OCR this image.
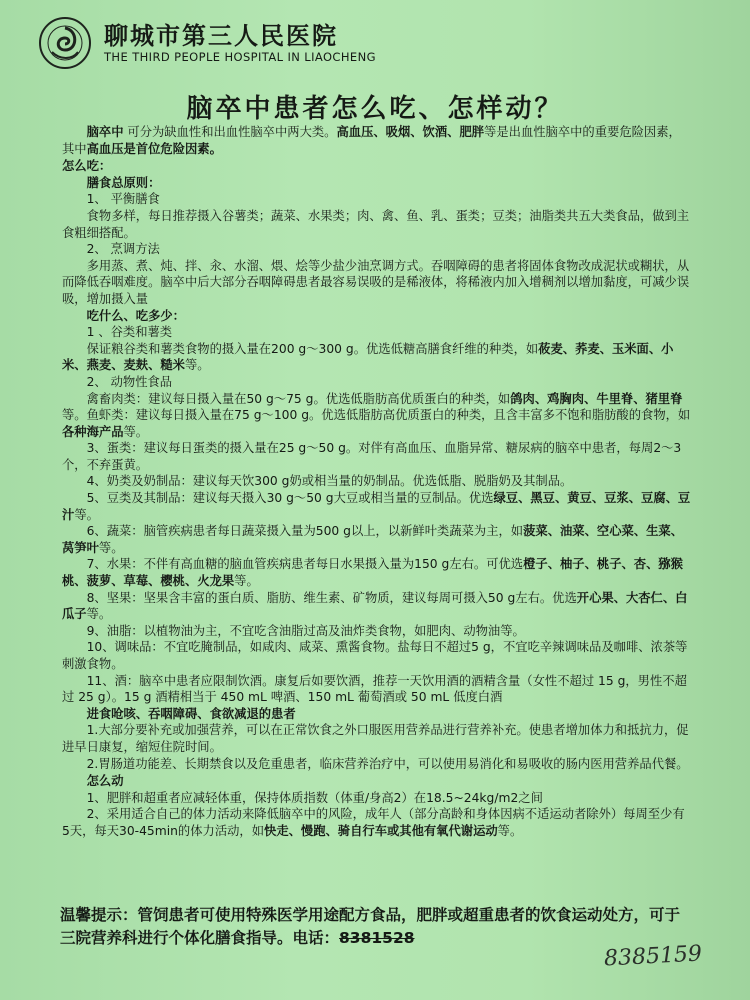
聊城市第三人民医院
THE THIRD PEOPLE HOSPITAL IN LIAOCHENG
脑卒中患者怎么吃、怎样动？

脑卒中 可分为缺血性和出血性脑卒中两大类。高血压、吸烟、饮酒、肥胖等是出血性脑卒中的重要危险因素，其中高血压是首位危险因素。

怎么吃：

膳食总原则：

1、 平衡膳食

食物多样，每日推荐摄入谷薯类；蔬菜、水果类；肉、禽、鱼、乳、蛋类；豆类；油脂类共五大类食品，做到主食粗细搭配。

2、 烹调方法

多用蒸、煮、炖、拌、汆、水溜、煨、烩等少盐少油烹调方式。吞咽障碍的患者将固体食物改成泥状或糊状，从而降低吞咽难度。脑卒中后大部分吞咽障碍患者最容易误吸的是稀液体，将稀液内加入增稠剂以增加黏度，可减少误吸，增加摄入量

吃什么、吃多少：

1 、谷类和薯类

保证粮谷类和薯类食物的摄入量在200 g～300 g。优选低糖高膳食纤维的种类，如莜麦、荞麦、玉米面、小米、燕麦、麦麸、糙米等。

2、 动物性食品

禽畜肉类：建议每日摄入量在50 g～75 g。优选低脂肪高优质蛋白的种类，如鸽肉、鸡胸肉、牛里脊、猪里脊等。鱼虾类：建议每日摄入量在75 g～100 g。优选低脂肪高优质蛋白的种类，且含丰富多不饱和脂肪酸的食物，如各种海产品等。

3、蛋类：建议每日蛋类的摄入量在25 g～50 g。对伴有高血压、血脂异常、糖尿病的脑卒中患者，每周2～3个，不弃蛋黄。

4、奶类及奶制品：建议每天饮300 g奶或相当量的奶制品。优选低脂、脱脂奶及其制品。

5、豆类及其制品：建议每天摄入30 g～50 g大豆或相当量的豆制品。优选绿豆、黑豆、黄豆、豆浆、豆腐、豆汁等。

6、蔬菜：脑管疾病患者每日蔬菜摄入量为500 g以上，以新鲜叶类蔬菜为主，如菠菜、油菜、空心菜、生菜、莴笋叶等。

7、水果：不伴有高血糖的脑血管疾病患者每日水果摄入量为150 g左右。可优选橙子、柚子、桃子、杏、猕猴桃、菠萝、草莓、樱桃、火龙果等。

8、坚果：坚果含丰富的蛋白质、脂肪、维生素、矿物质，建议每周可摄入50 g左右。优选开心果、大杏仁、白瓜子等。

9、油脂：以植物油为主，不宜吃含油脂过高及油炸类食物，如肥肉、动物油等。

10、调味品：不宜吃腌制品，如咸肉、咸菜、熏酱食物。盐每日不超过5 g，不宜吃辛辣调味品及咖啡、浓茶等刺激食物。

11、酒：脑卒中患者应限制饮酒。康复后如要饮酒，推荐一天饮用酒的酒精含量（女性不超过 15 g，男性不超过 25 g）。15 g 酒精相当于 450 mL 啤酒、150 mL 葡萄酒或 50 mL 低度白酒

进食呛咳、吞咽障碍、食欲减退的患者

1.大部分要补充或加强营养，可以在正常饮食之外口服医用营养品进行营养补充。使患者增加体力和抵抗力，促进早日康复，缩短住院时间。

2.胃肠道功能差、长期禁食以及危重患者，临床营养治疗中，可以使用易消化和易吸收的肠内医用营养品代餐。

怎么动

1、肥胖和超重者应减轻体重，保持体质指数（体重/身高2）在18.5~24kg/m2之间

2、采用适合自己的体力活动来降低脑卒中的风险，成年人（部分高龄和身体因病不适运动者除外）每周至少有5天，每天30-45min的体力活动，如快走、慢跑、骑自行车或其他有氧代谢运动等。

温馨提示：管饲患者可使用特殊医学用途配方食品，肥胖或超重患者的饮食运动处方，可于三院营养科进行个体化膳食指导。电话：8381528
8385159
